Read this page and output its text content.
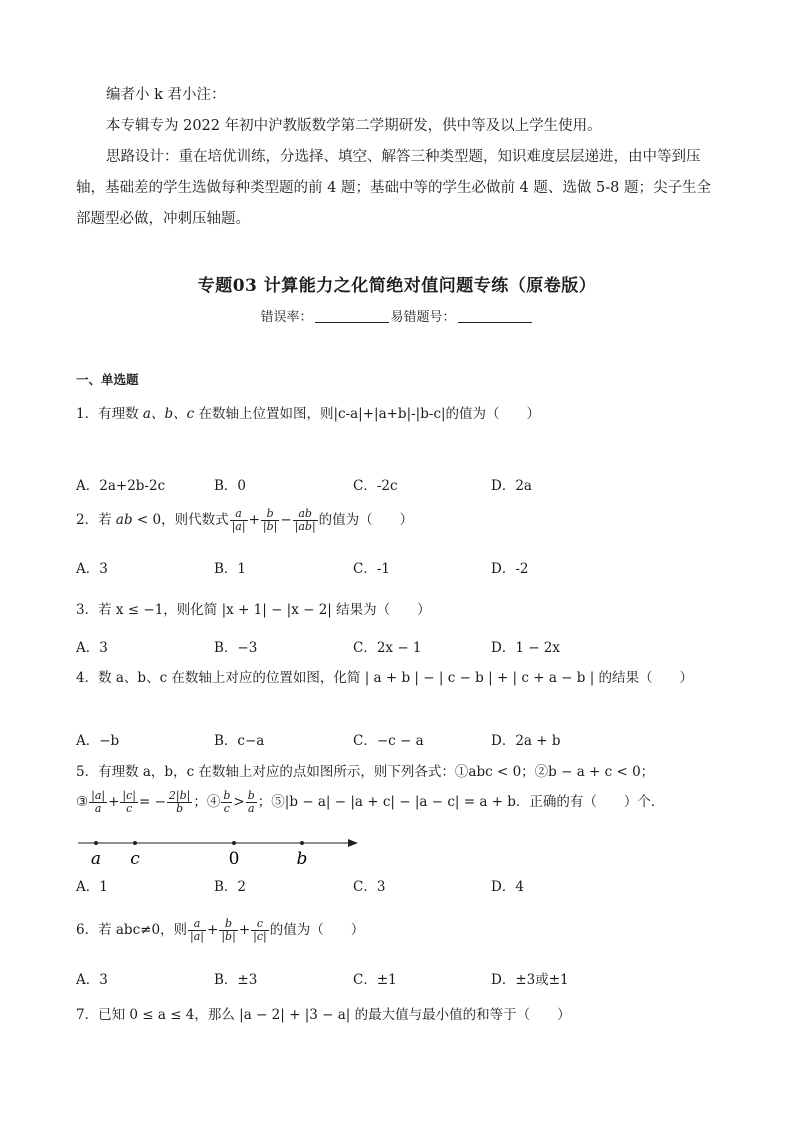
编者小 k 君小注：

本专辑专为 2022 年初中沪教版数学第二学期研发，供中等及以上学生使用。

思路设计：重在培优训练，分选择、填空、解答三种类型题，知识难度层层递进，由中等到压轴，基础差的学生选做每种类型题的前 4 题；基础中等的学生必做前 4 题、选做 5-8 题；尖子生全部题型必做，冲刺压轴题。

专题03 计算能力之化简绝对值问题专练（原卷版）
错误率：	易错题号：
一、单选题
1．有理数 a、b、c 在数轴上位置如图，则|c-a|+|a+b|-|b-c|的值为（　　）
A．2a+2b-2c	B．0	C．-2c	D．2a
2．若 ab < 0，则代数式 $\frac{a}{|a|} + \frac{b}{|b|} - \frac{ab}{|ab|}$ 的值为（　　）
A．3	B．1	C．-1	D．-2
3．若 x ≤ −1，则化简 |x + 1| − |x − 2| 结果为（　　）
A．3	B．−3	C．2x − 1	D．1 − 2x
4．数 a、b、c 在数轴上对应的位置如图，化简 | a + b | − | c − b | + | c + a − b | 的结果（　　）
A．−b	B．c−a	C．−c − a	D．2a + b
5．有理数 a，b，c 在数轴上对应的点如图所示，则下列各式：①abc < 0；②b − a + c < 0；
③ $\frac{|a|}{a} + \frac{|c|}{c}$ = − $\frac{2|b|}{b}$ ；④ $\frac{b}{c} > \frac{b}{a}$ ；⑤|b − a| − |a + c| − |a − c| = a + b．正确的有（　　）个．
a c	0	b
A．1	B．2	C．3	D．4
6．若 abc≠0，则 $\frac{a}{|a|} + \frac{b}{|b|} + \frac{c}{|c|}$ 的值为（　　）
A．3	B．±3	C．±1	D．±3或±1
7．已知 0 ≤ a ≤ 4，那么 |a − 2| + |3 − a| 的最大值与最小值的和等于（　　）
